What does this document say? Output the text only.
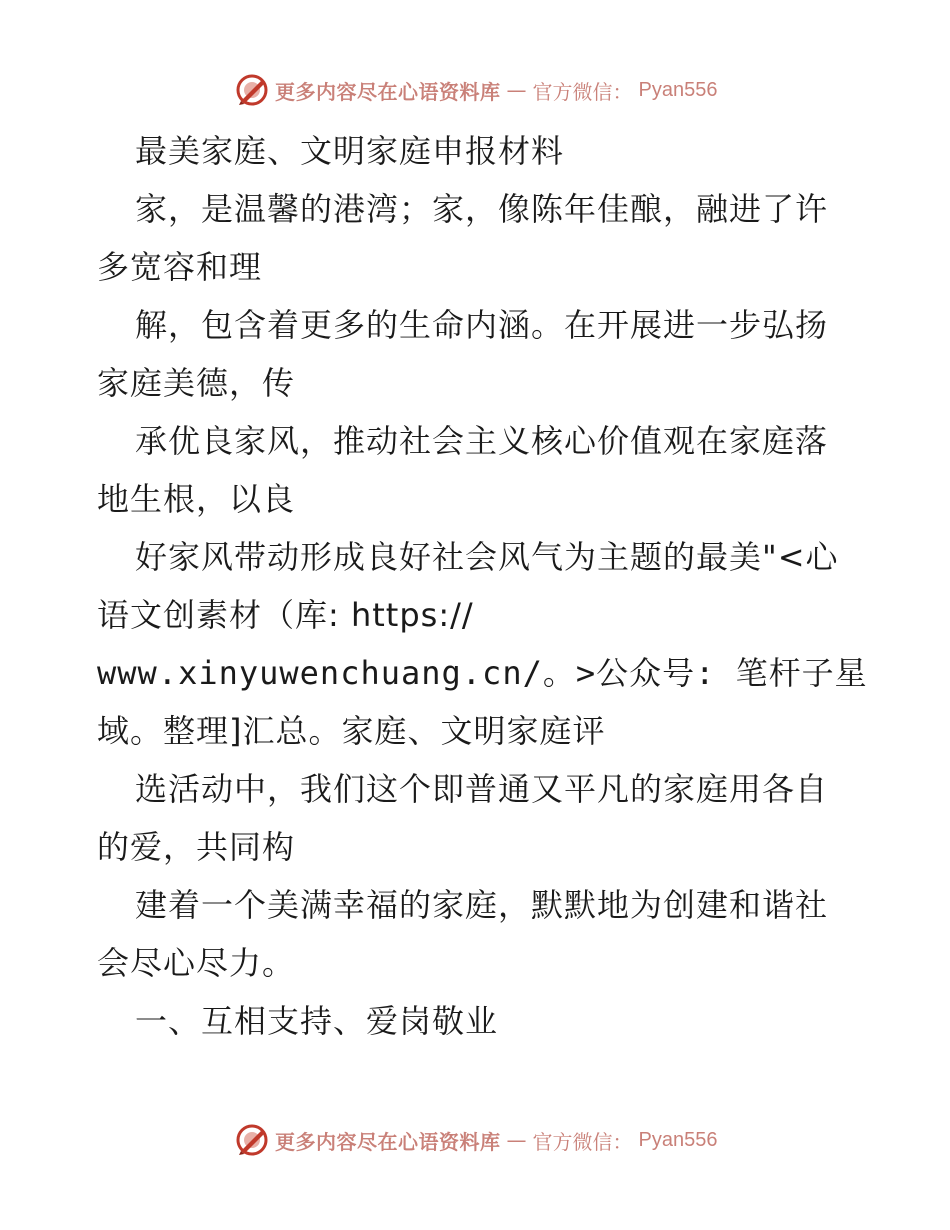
更多内容尽在心语资料库 — 官方微信： Pyan556
最美家庭、文明家庭申报材料
家，是温馨的港湾；家，像陈年佳酿，融进了许
多宽容和理
解，包含着更多的生命内涵。在开展进一步弘扬
家庭美德，传
承优良家风，推动社会主义核心价值观在家庭落
地生根，以良
好家风带动形成良好社会风气为主题的最美"<心
语文创素材（库: https://
www.xinyuwenchuang.cn/。>公众号: 笔杆子星
域。整理]汇总。家庭、文明家庭评
选活动中，我们这个即普通又平凡的家庭用各自
的爱，共同构
建着一个美满幸福的家庭，默默地为创建和谐社
会尽心尽力。
一、互相支持、爱岗敬业
更多内容尽在心语资料库 — 官方微信： Pyan556
